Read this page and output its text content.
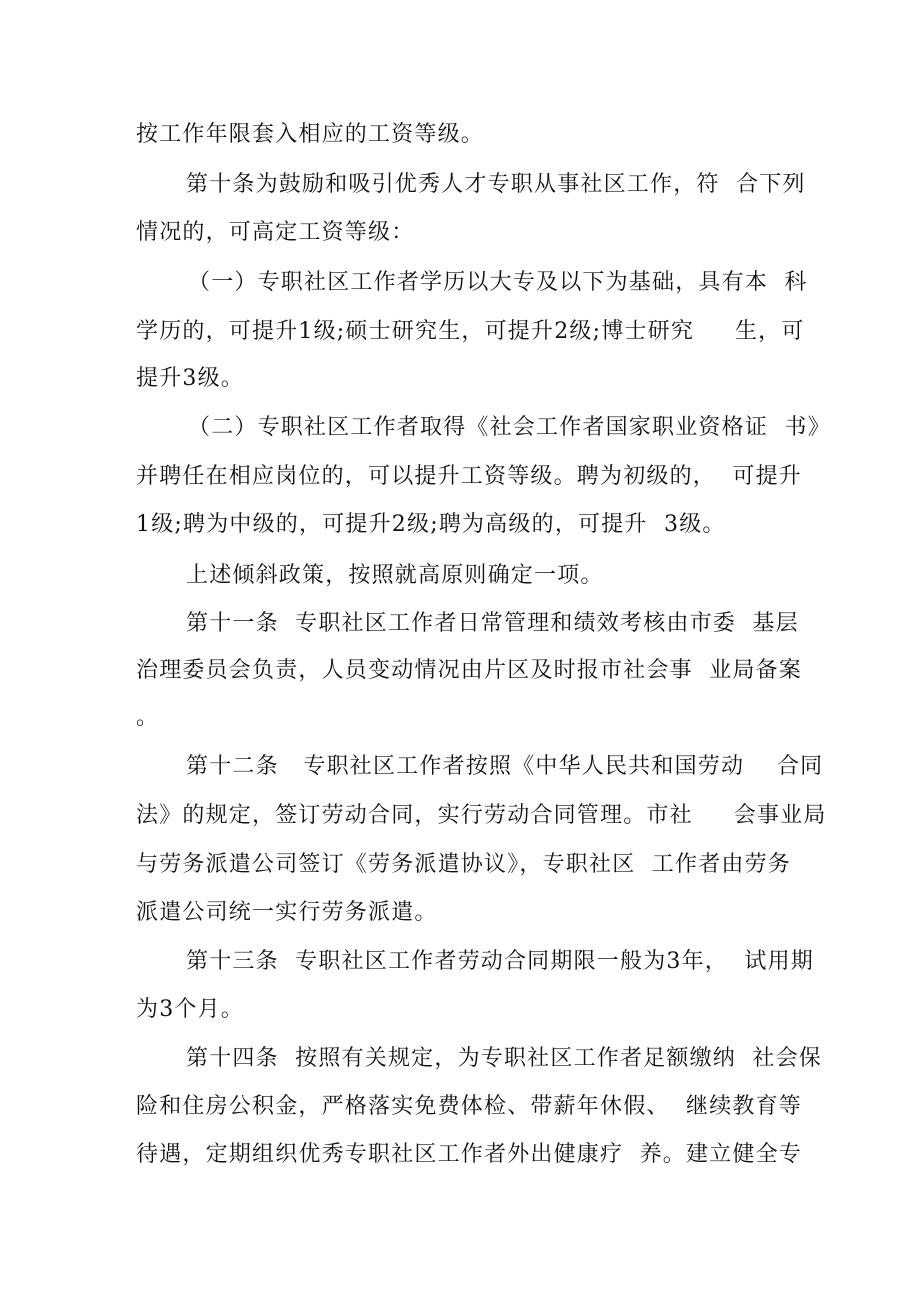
按工作年限套入相应的工资等级。
第十条为鼓励和吸引优秀人才专职从事社区工作，符  合下列
情况的，可高定工资等级：
（一）专职社区工作者学历以大专及以下为基础，具有本  科
学历的，可提升1级;硕士研究生，可提升2级;博士研究     生，可
提升3级。
（二）专职社区工作者取得《社会工作者国家职业资格证  书》
并聘任在相应岗位的，可以提升工资等级。聘为初级的，  可提升
1级;聘为中级的，可提升2级;聘为高级的，可提升  3级。
上述倾斜政策，按照就高原则确定一项。
第十一条  专职社区工作者日常管理和绩效考核由市委  基层
治理委员会负责，人员变动情况由片区及时报市社会事  业局备案
。
第十二条   专职社区工作者按照《中华人民共和国劳动    合同
法》的规定，签订劳动合同，实行劳动合同管理。市社     会事业局
与劳务派遣公司签订《劳务派遣协议》，专职社区  工作者由劳务
派遣公司统一实行劳务派遣。
第十三条  专职社区工作者劳动合同期限一般为3年，  试用期
为3个月。
第十四条  按照有关规定，为专职社区工作者足额缴纳  社会保
险和住房公积金，严格落实免费体检、带薪年休假、  继续教育等
待遇，定期组织优秀专职社区工作者外出健康疗  养。建立健全专
